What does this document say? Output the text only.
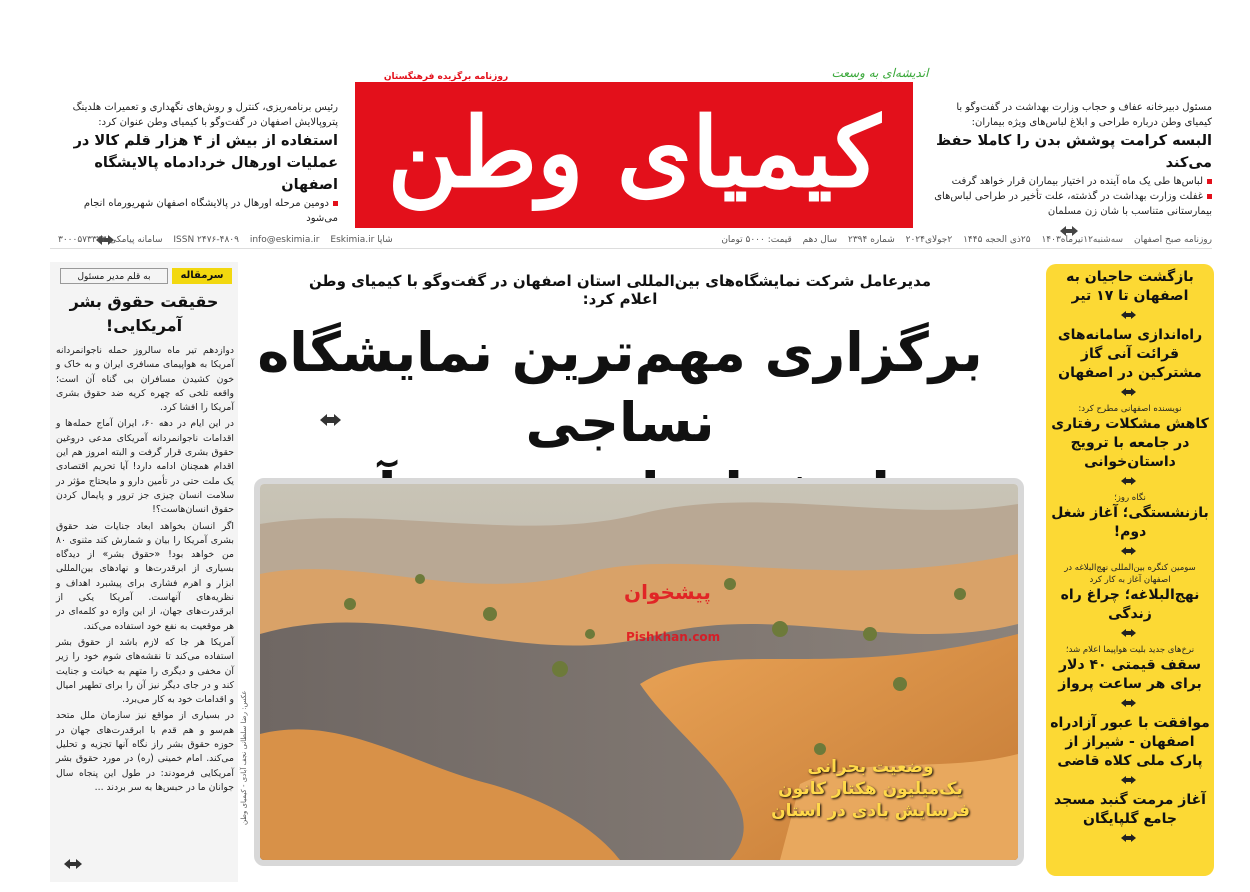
روزنامه برگزیده فرهنگستان	اندیشه‌ای به وسعت
کیمیای وطن	مسئول دبیرخانه عفاف و حجاب وزارت بهداشت در گفت‌وگو با کیمیای وطن درباره طراحی و ابلاغ لباس‌های ویژه بیماران:
البسه کرامت پوشش بدن را کاملا حفظ می‌کند
لباس‌ها طی یک ماه آینده در اختیار بیماران قرار خواهد گرفت
غفلت وزارت بهداشت در گذشته، علت تأخیر در طراحی لباس‌های بیمارستانی متناسب با شان زن مسلمان
رئیس برنامه‌ریزی، کنترل و روش‌های نگهداری و تعمیرات هلدینگ پتروپالایش اصفهان در گفت‌وگو با کیمیای وطن عنوان کرد:
استفاده از بیش از ۴ هزار قلم کالا در
عملیات اورهال خردادماه پالایشگاه اصفهان
دومین مرحله اورهال در پالایشگاه اصفهان شهریورماه انجام می‌شود
روزنامه صبح اصفهان سه‌شنبه۱۲تیرماه۱۴۰۳ ۲۵ذی الحجه ۱۴۴۵ ۲جولای۲۰۲۴ شماره ۲۳۹۴ سال دهم قیمت: ۵۰۰۰ تومان
شاپا ISSN ۲۴۷۶-۴۸۰۹ info@eskimia.ir Eskimia.ir سامانه پیامکی ۳۰۰۰۵۷۳۳۳۳
مدیرعامل شرکت نمایشگاه‌های بین‌المللی استان اصفهان در گفت‌وگو با کیمیای وطن اعلام کرد:
برگزاری مهم‌ترین نمایشگاه نساجی
پیشخوان
Pishkhan.com
وضعیت بحرانی
یک‌میلیون هکتار کانون
فرسایش بادی در استان
عکس: رضا سلطانی نجف آبادی - کیمیای وطن
سرمقاله
به قلم مدیر مسئول
حقیقت حقوق بشر آمریکایی!

دوازدهم تیر ماه سالروز حمله ناجوانمردانه آمریکا به هواپیمای مسافری ایران و به خاک و خون کشیدن مسافران بی گناه آن است؛ واقعه تلخی که چهره کریه ضد حقوق بشری آمریکا را افشا کرد.

در این ایام در دهه ۶۰، ایران آماج حمله‌ها و اقدامات ناجوانمردانه آمریکای مدعی دروغین حقوق بشری قرار گرفت و البته امروز هم این اقدام همچنان ادامه دارد! آیا تحریم اقتصادی یک ملت حتی در تأمین دارو و مایحتاج مؤثر در سلامت انسان چیزی جز ترور و پایمال کردن حقوق انسان‌هاست؟!

اگر انسان بخواهد ابعاد جنایات ضد حقوق بشری آمریکا را بیان و شمارش کند مثنوی ۸۰ من خواهد بود! «حقوق بشر» از دیدگاه بسیاری از ابرقدرت‌ها و نهادهای بین‌المللی ابزار و اهرم فشاری برای پیشبرد اهداف و نظریه‌های آنهاست. آمریکا یکی از ابرقدرت‌های جهان، از این واژه دو کلمه‌ای در هر موقعیت به نفع خود استفاده می‌کند.

آمریکا هر جا که لازم باشد از حقوق بشر استفاده می‌کند تا نقشه‌های شوم خود را زیر آن مخفی و دیگری را متهم به خیانت و جنایت کند و در جای دیگر نیز آن را برای تطهیر امیال و اقدامات خود به کار می‌برد.

در بسیاری از مواقع نیز سازمان ملل متحد هم‌سو و هم قدم با ابرقدرت‌های جهان در حوزه حقوق بشر راز نگاه آنها تجزیه و تحلیل می‌کند. امام خمینی (ره) در مورد حقوق بشر آمریکایی فرمودند: در طول این پنجاه سال جوانان ما در حبس‌ها به سر بردند ...

بازگشت حاجیان به اصفهان تا ۱۷ تیر
راه‌اندازی سامانه‌های قرائت آنی گاز مشترکین در اصفهان
نویسنده اصفهانی مطرح کرد:
کاهش مشکلات رفتاری در جامعه با ترویج داستان‌خوانی
نگاه روز؛
بازنشستگی؛ آغاز شغل دوم!
سومین کنگره بین‌المللی نهج‌البلاغه در اصفهان آغاز به کار کرد
نهج‌البلاغه؛ چراغ راه زندگی
نرخ‌های جدید بلیت هواپیما اعلام شد؛
سقف قیمتی ۴۰ دلار برای هر ساعت پرواز
موافقت با عبور آزادراه اصفهان - شیراز از پارک ملی کلاه قاضی
آغاز مرمت گنبد مسجد جامع گلپایگان
